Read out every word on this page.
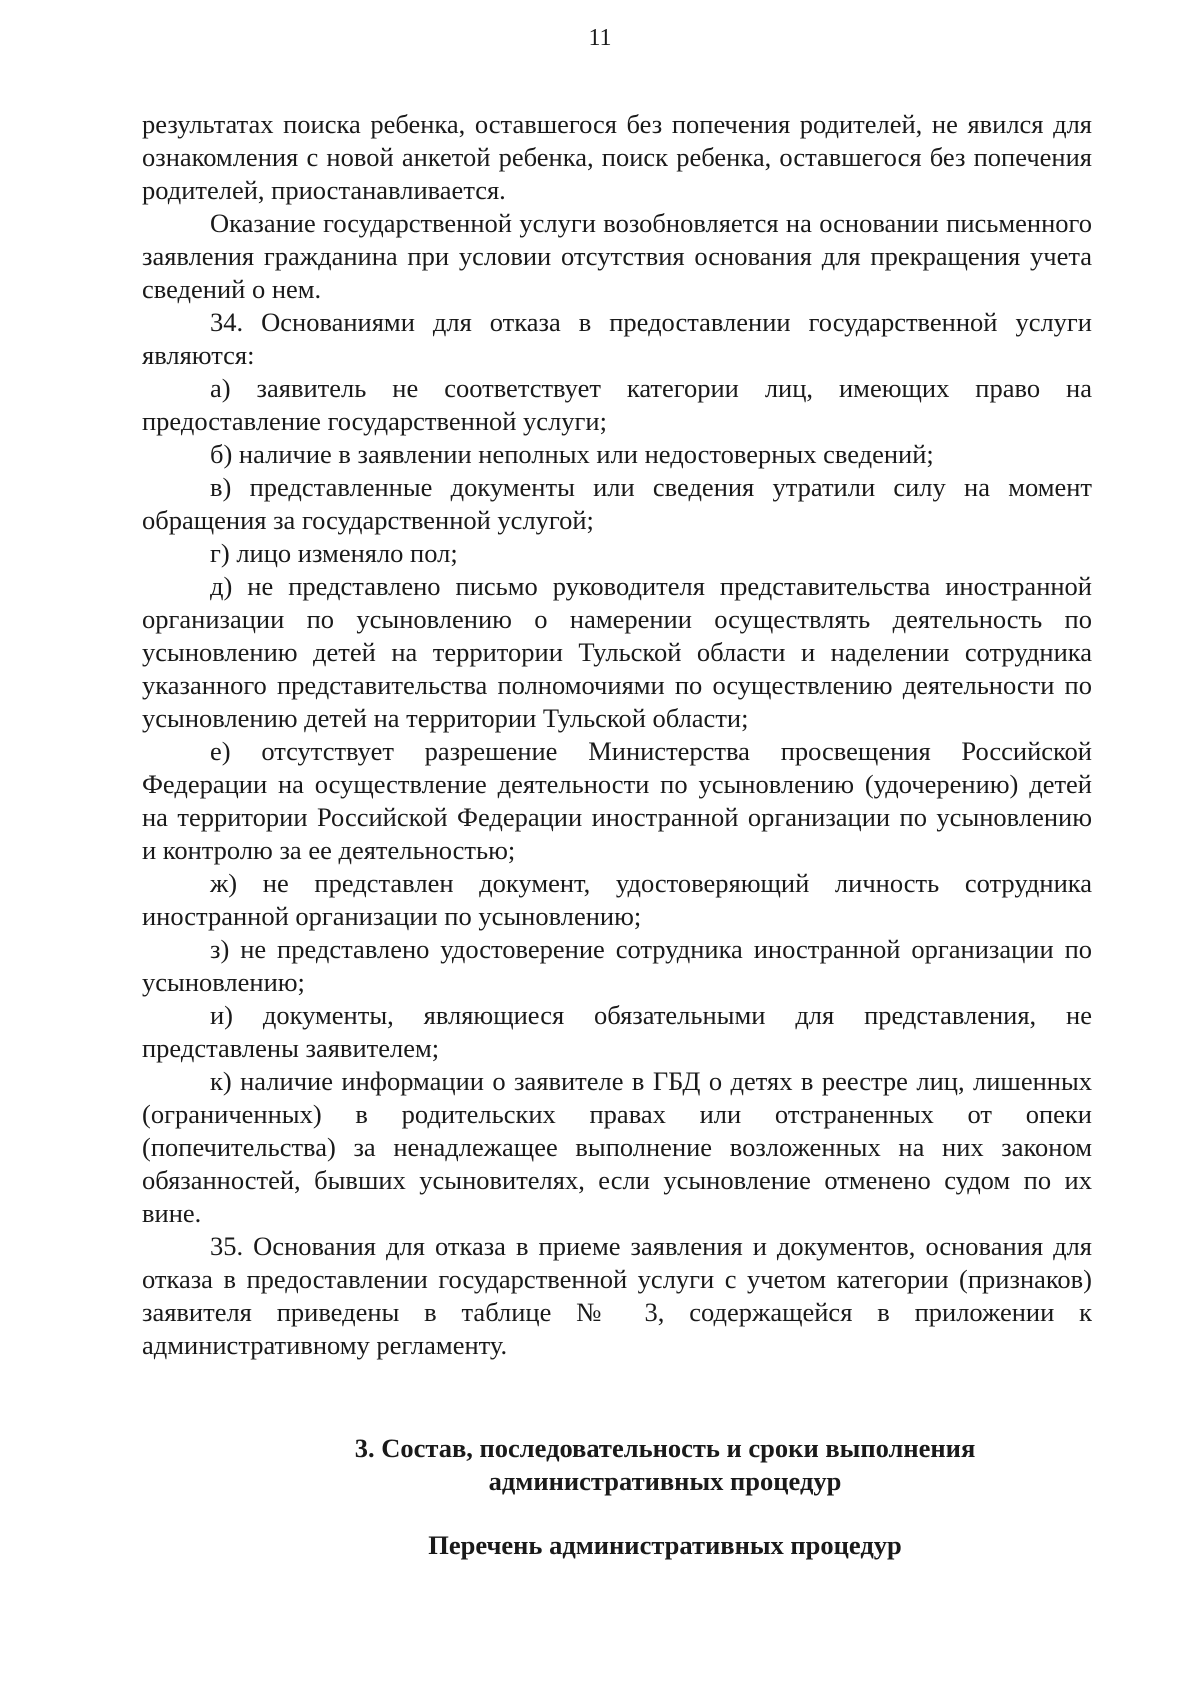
11

результатах поиска ребенка, оставшегося без попечения родителей, не явился для ознакомления с новой анкетой ребенка, поиск ребенка, оставшегося без попечения родителей, приостанавливается.

Оказание государственной услуги возобновляется на основании письменного заявления гражданина при условии отсутствия основания для прекращения учета сведений о нем.

34. Основаниями для отказа в предоставлении государственной услуги являются:

а) заявитель не соответствует категории лиц, имеющих право на предоставление государственной услуги;

б) наличие в заявлении неполных или недостоверных сведений;

в) представленные документы или сведения утратили силу на момент обращения за государственной услугой;

г) лицо изменяло пол;

д) не представлено письмо руководителя представительства иностранной организации по усыновлению о намерении осуществлять деятельность по усыновлению детей на территории Тульской области и наделении сотрудника указанного представительства полномочиями по осуществлению деятельности по усыновлению детей на территории Тульской области;

е) отсутствует разрешение Министерства просвещения Российской Федерации на осуществление деятельности по усыновлению (удочерению) детей на территории Российской Федерации иностранной организации по усыновлению и контролю за ее деятельностью;

ж) не представлен документ, удостоверяющий личность сотрудника иностранной организации по усыновлению;

з) не представлено удостоверение сотрудника иностранной организации по усыновлению;

и) документы, являющиеся обязательными для представления, не представлены заявителем;

к) наличие информации о заявителе в ГБД о детях в реестре лиц, лишенных (ограниченных) в родительских правах или отстраненных от опеки (попечительства) за ненадлежащее выполнение возложенных на них законом обязанностей, бывших усыновителях, если усыновление отменено судом по их вине.

35. Основания для отказа в приеме заявления и документов, основания для отказа в предоставлении государственной услуги с учетом категории (признаков) заявителя приведены в таблице № 3, содержащейся в приложении к административному регламенту.

3. Состав, последовательность и сроки выполнения
административных процедур
Перечень административных процедур
